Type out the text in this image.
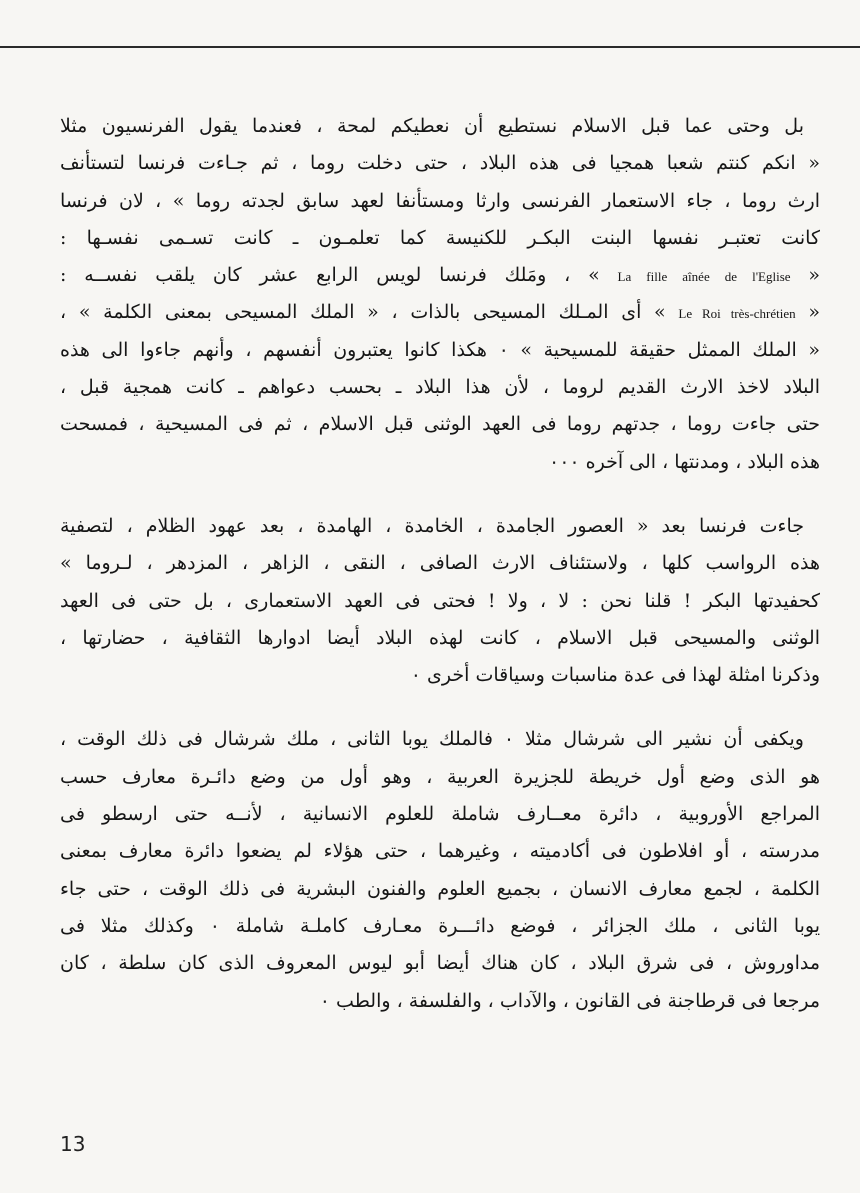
بل وحتى عما قبل الاسلام نستطيع أن نعطيكم لمحة ، فعندما يقول الفرنسيون مثلا
« انكم كنتم شعبا همجيا فى هذه البلاد ، حتى دخلت روما ، ثم جـاءت فرنسا لتستأنف
ارث روما ، جاء الاستعمار الفرنسى وارثا ومستأنفا لعهد سابق لجدته روما » ، لان فرنسا
كانت تعتبـر نفسها البنت البكـر للكنيسة كما تعلمـون ـ كانت تسـمى نفسـها :
« La fille aînée de l'Eglise » ، ومَلك فرنسا لويس الرابع عشر كان يلقب نفســه :
« Le Roi très-chrétien » أى المـلك المسيحى بالذات ، « الملك المسيحى بمعنى الكلمة » ،
« الملك الممثل حقيقة للمسيحية » ٠ هكذا كانوا يعتبرون أنفسهم ، وأنهم جاءوا الى هذه
البلاد لاخذ الارث القديم لروما ، لأن هذا البلاد ـ بحسب دعواهم ـ كانت همجية قبل ،
حتى جاءت روما ، جدتهم روما فى العهد الوثنى قبل الاسلام ، ثم فى المسيحية ، فمسحت
هذه البلاد ، ومدنتها ، الى آخره ٠٠٠
جاءت فرنسا بعد « العصور الجامدة ، الخامدة ، الهامدة ، بعد عهود الظلام ، لتصفية
هذه الرواسب كلها ، ولاستئناف الارث الصافى ، النقى ، الزاهر ، المزدهر ، لـروما »
كحفيدتها البكر ! قلنا نحن : لا ، ولا ! فحتى فى العهد الاستعمارى ، بل حتى فى العهد
الوثنى والمسيحى قبل الاسلام ، كانت لهذه البلاد أيضا ادوارها الثقافية ، حضارتها ،
وذكرنا امثلة لهذا فى عدة مناسبات وسياقات أخرى ٠
ويكفى أن نشير الى شرشال مثلا ٠ فالملك يوبا الثانى ، ملك شرشال فى ذلك الوقت ،
هو الذى وضع أول خريطة للجزيرة العربية ، وهو أول من وضع دائـرة معارف حسب
المراجع الأوروبية ، دائرة معــارف شاملة للعلوم الانسانية ، لأنــه حتى ارسطو فى
مدرسته ، أو افلاطون فى أكادميته ، وغيرهما ، حتى هؤلاء لم يضعوا دائرة معارف بمعنى
الكلمة ، لجمع معارف الانسان ، بجميع العلوم والفنون البشرية فى ذلك الوقت ، حتى جاء
يوبا الثانى ، ملك الجزائر ، فوضع دائـــرة معـارف كاملـة شاملة ٠ وكذلك مثلا فى
مداوروش ، فى شرق البلاد ، كان هناك أيضا أبو ليوس المعروف الذى كان سلطة ، كان
مرجعا فى قرطاجنة فى القانون ، والآداب ، والفلسفة ، والطب ٠
13
